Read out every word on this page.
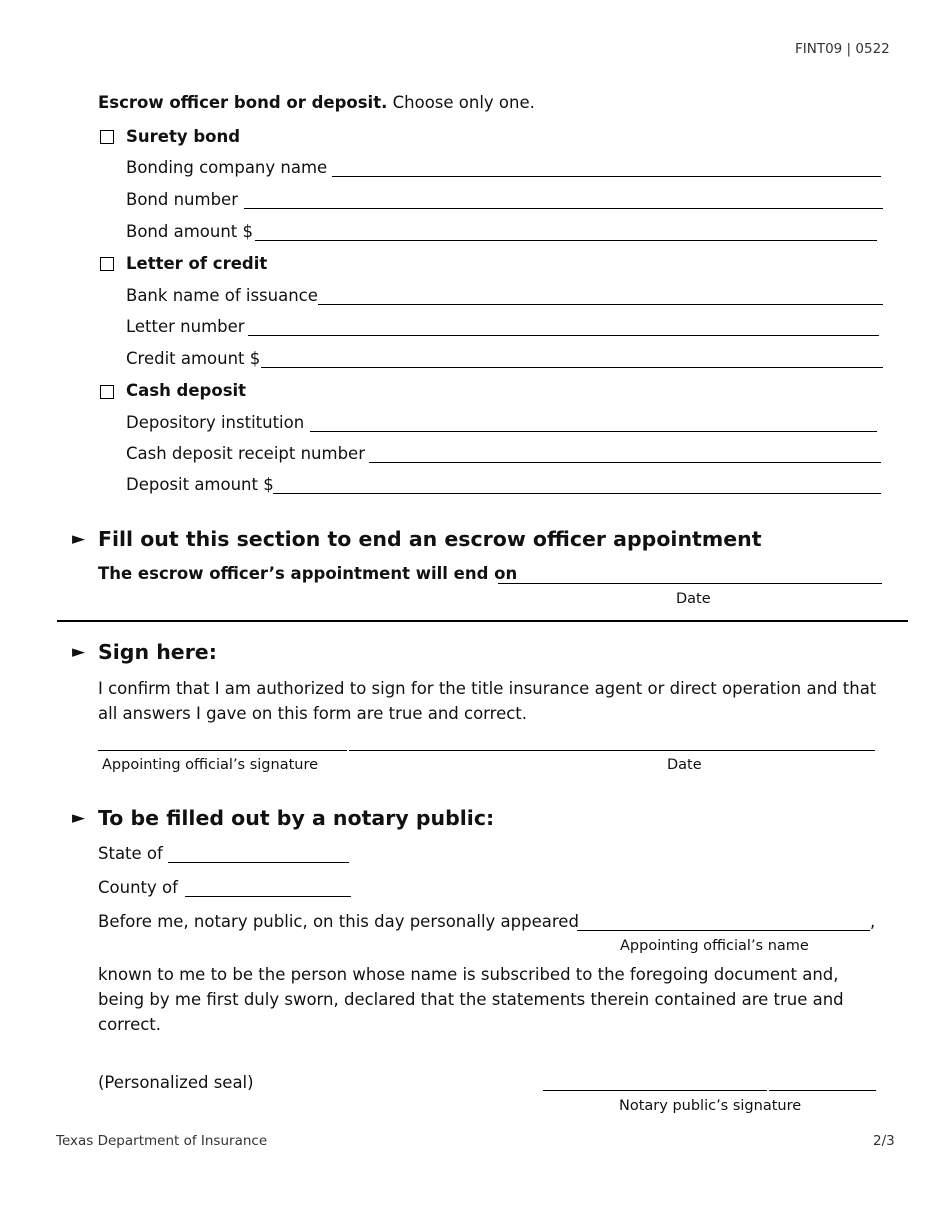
FINT09 | 0522
Escrow officer bond or deposit. Choose only one.
Surety bond
Bonding company name
Bond number
Bond amount $
Letter of credit
Bank name of issuance
Letter number
Credit amount $
Cash deposit
Depository institution
Cash deposit receipt number
Deposit amount $
► Fill out this section to end an escrow officer appointment
The escrow officer’s appointment will end on
Date
► Sign here:
I confirm that I am authorized to sign for the title insurance agent or direct operation and that all answers I gave on this form are true and correct.
Appointing official’s signature	Date
► To be filled out by a notary public:
State of
County of
Before me, notary public, on this day personally appeared	,
Appointing official’s name
known to me to be the person whose name is subscribed to the foregoing document and, being by me first duly sworn, declared that the statements therein contained are true and correct.
(Personalized seal)
Notary public’s signature
Texas Department of Insurance	2/3
